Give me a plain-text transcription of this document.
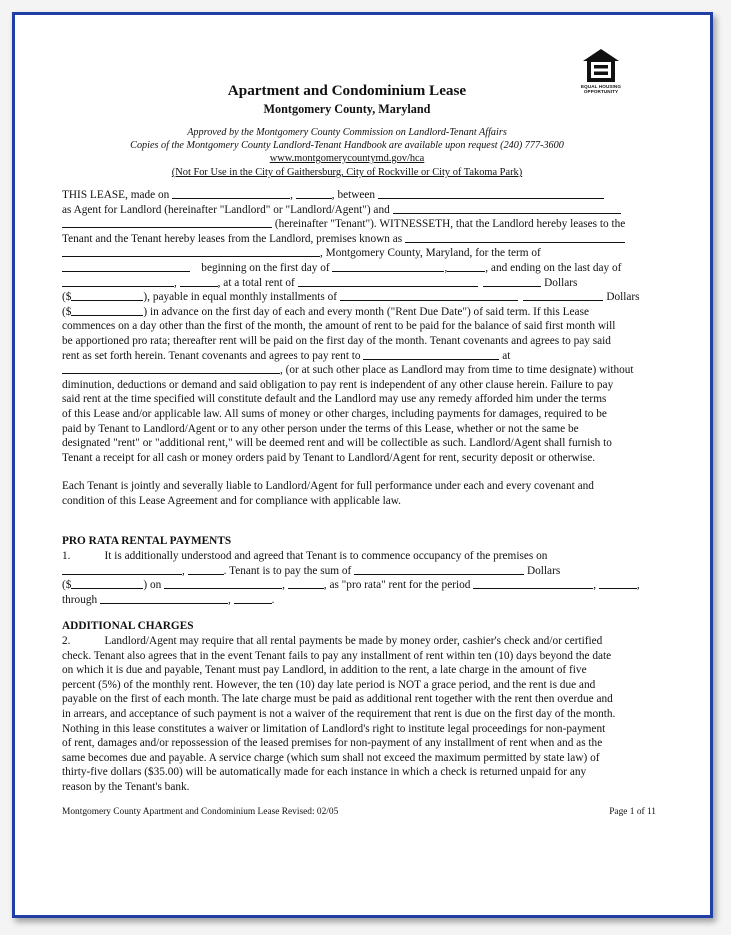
EQUAL HOUSING
OPPORTUNITY
Apartment and Condominium Lease
Montgomery County, Maryland
Approved by the Montgomery County Commission on Landlord-Tenant Affairs
Copies of the Montgomery County Landlord-Tenant Handbook are available upon request (240) 777-3600
www.montgomerycountymd.gov/hca
(Not For Use in the City of Gaithersburg, City of Rockville or City of Takoma Park)

THIS LEASE, made on	,	, between

as Agent for Landlord (hereinafter "Landlord" or "Landlord/Agent") and

(hereinafter "Tenant"). WITNESSETH, that the Landlord hereby leases to the

Tenant and the Tenant hereby leases from the Landlord, premises known as

, Montgomery County, Maryland, for the term of

beginning on the first day of	,	, and ending on the last day of

,	, at a total rent of	Dollars

($	), payable in equal monthly installments of	Dollars

($	) in advance on the first day of each and every month ("Rent Due Date") of said term. If this Lease

commences on a day other than the first of the month, the amount of rent to be paid for the balance of said first month will

be apportioned pro rata; thereafter rent will be paid on the first day of the month. Tenant covenants and agrees to pay said

rent as set forth herein. Tenant covenants and agrees to pay rent to	at

, (or at such other place as Landlord may from time to time designate) without

diminution, deductions or demand and said obligation to pay rent is independent of any other clause herein. Failure to pay

said rent at the time specified will constitute default and the Landlord may use any remedy afforded him under the terms

of this Lease and/or applicable law. All sums of money or other charges, including payments for damages, required to be

paid by Tenant to Landlord/Agent or to any other person under the terms of this Lease, whether or not the same be

designated "rent" or "additional rent," will be deemed rent and will be collectible as such. Landlord/Agent shall furnish to

Tenant a receipt for all cash or money orders paid by Tenant to Landlord/Agent for rent, security deposit or otherwise.

Each Tenant is jointly and severally liable to Landlord/Agent for full performance under each and every covenant and

condition of this Lease Agreement and for compliance with applicable law.

PRO RATA RENTAL PAYMENTS

1.	It is additionally understood and agreed that Tenant is to commence occupancy of the premises on

,	. Tenant is to pay the sum of	Dollars

($	) on	,	, as "pro rata" rent for the period	,	,

through	,	.

ADDITIONAL CHARGES

2.	Landlord/Agent may require that all rental payments be made by money order, cashier's check and/or certified

check. Tenant also agrees that in the event Tenant fails to pay any installment of rent within ten (10) days beyond the date

on which it is due and payable, Tenant must pay Landlord, in addition to the rent, a late charge in the amount of five

percent (5%) of the monthly rent. However, the ten (10) day late period is NOT a grace period, and the rent is due and

payable on the first of each month. The late charge must be paid as additional rent together with the rent then overdue and

in arrears, and acceptance of such payment is not a waiver of the requirement that rent is due on the first day of the month.

Nothing in this lease constitutes a waiver or limitation of Landlord's right to institute legal proceedings for non-payment

of rent, damages and/or repossession of the leased premises for non-payment of any installment of rent when and as the

same becomes due and payable. A service charge (which sum shall not exceed the maximum permitted by state law) of

thirty-five dollars ($35.00) will be automatically made for each instance in which a check is returned unpaid for any

reason by the Tenant's bank.

Montgomery County Apartment and Condominium Lease Revised: 02/05	Page 1 of 11
